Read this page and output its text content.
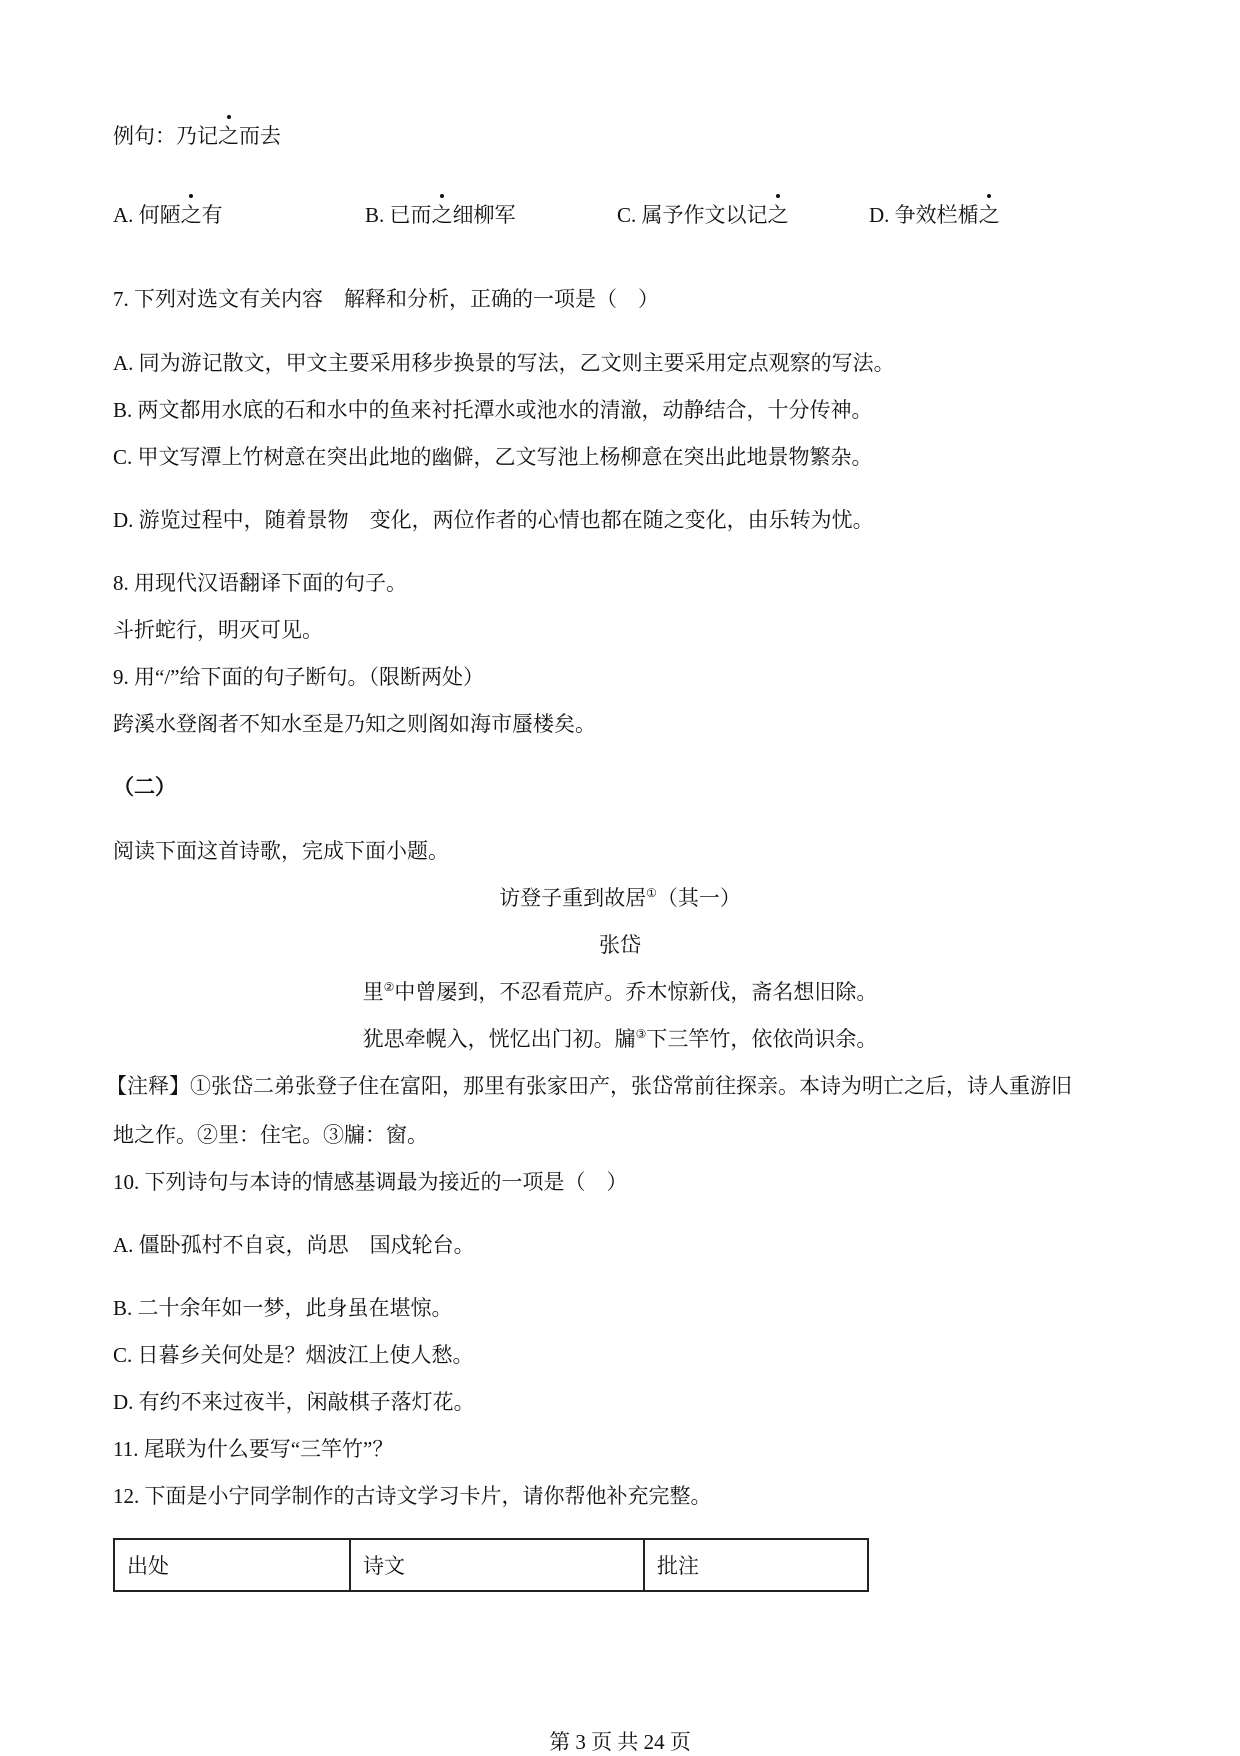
例句：乃记之而去
A. 何陋之有	B. 已而之细柳军	C. 属予作文以记之	D. 争效栏楯之
7. 下列对选文有关内容    解释和分析，正确的一项是（    ）
A. 同为游记散文，甲文主要采用移步换景的写法，乙文则主要采用定点观察的写法。
B. 两文都用水底的石和水中的鱼来衬托潭水或池水的清澈，动静结合，十分传神。
C. 甲文写潭上竹树意在突出此地的幽僻，乙文写池上杨柳意在突出此地景物繁杂。
D. 游览过程中，随着景物    变化，两位作者的心情也都在随之变化，由乐转为忧。
8. 用现代汉语翻译下面的句子。
斗折蛇行，明灭可见。
9. 用“/”给下面的句子断句。（限断两处）
跨溪水登阁者不知水至是乃知之则阁如海市蜃楼矣。
（二）
阅读下面这首诗歌，完成下面小题。
访登子重到故居①（其一）
张岱
里②中曾屡到，不忍看荒庐。乔木惊新伐，斋名想旧除。
犹思牵幌入，恍忆出门初。牖③下三竿竹，依依尚识余。
【注释】①张岱二弟张登子住在富阳，那里有张家田产，张岱常前往探亲。本诗为明亡之后，诗人重游旧
地之作。②里：住宅。③牖：窗。
10. 下列诗句与本诗的情感基调最为接近的一项是（    ）
A. 僵卧孤村不自哀，尚思    国戍轮台。
B. 二十余年如一梦，此身虽在堪惊。
C. 日暮乡关何处是？烟波江上使人愁。
D. 有约不来过夜半，闲敲棋子落灯花。
11. 尾联为什么要写“三竿竹”？
12. 下面是小宁同学制作的古诗文学习卡片，请你帮他补充完整。
出处	诗文	批注
第 3 页 共 24 页
